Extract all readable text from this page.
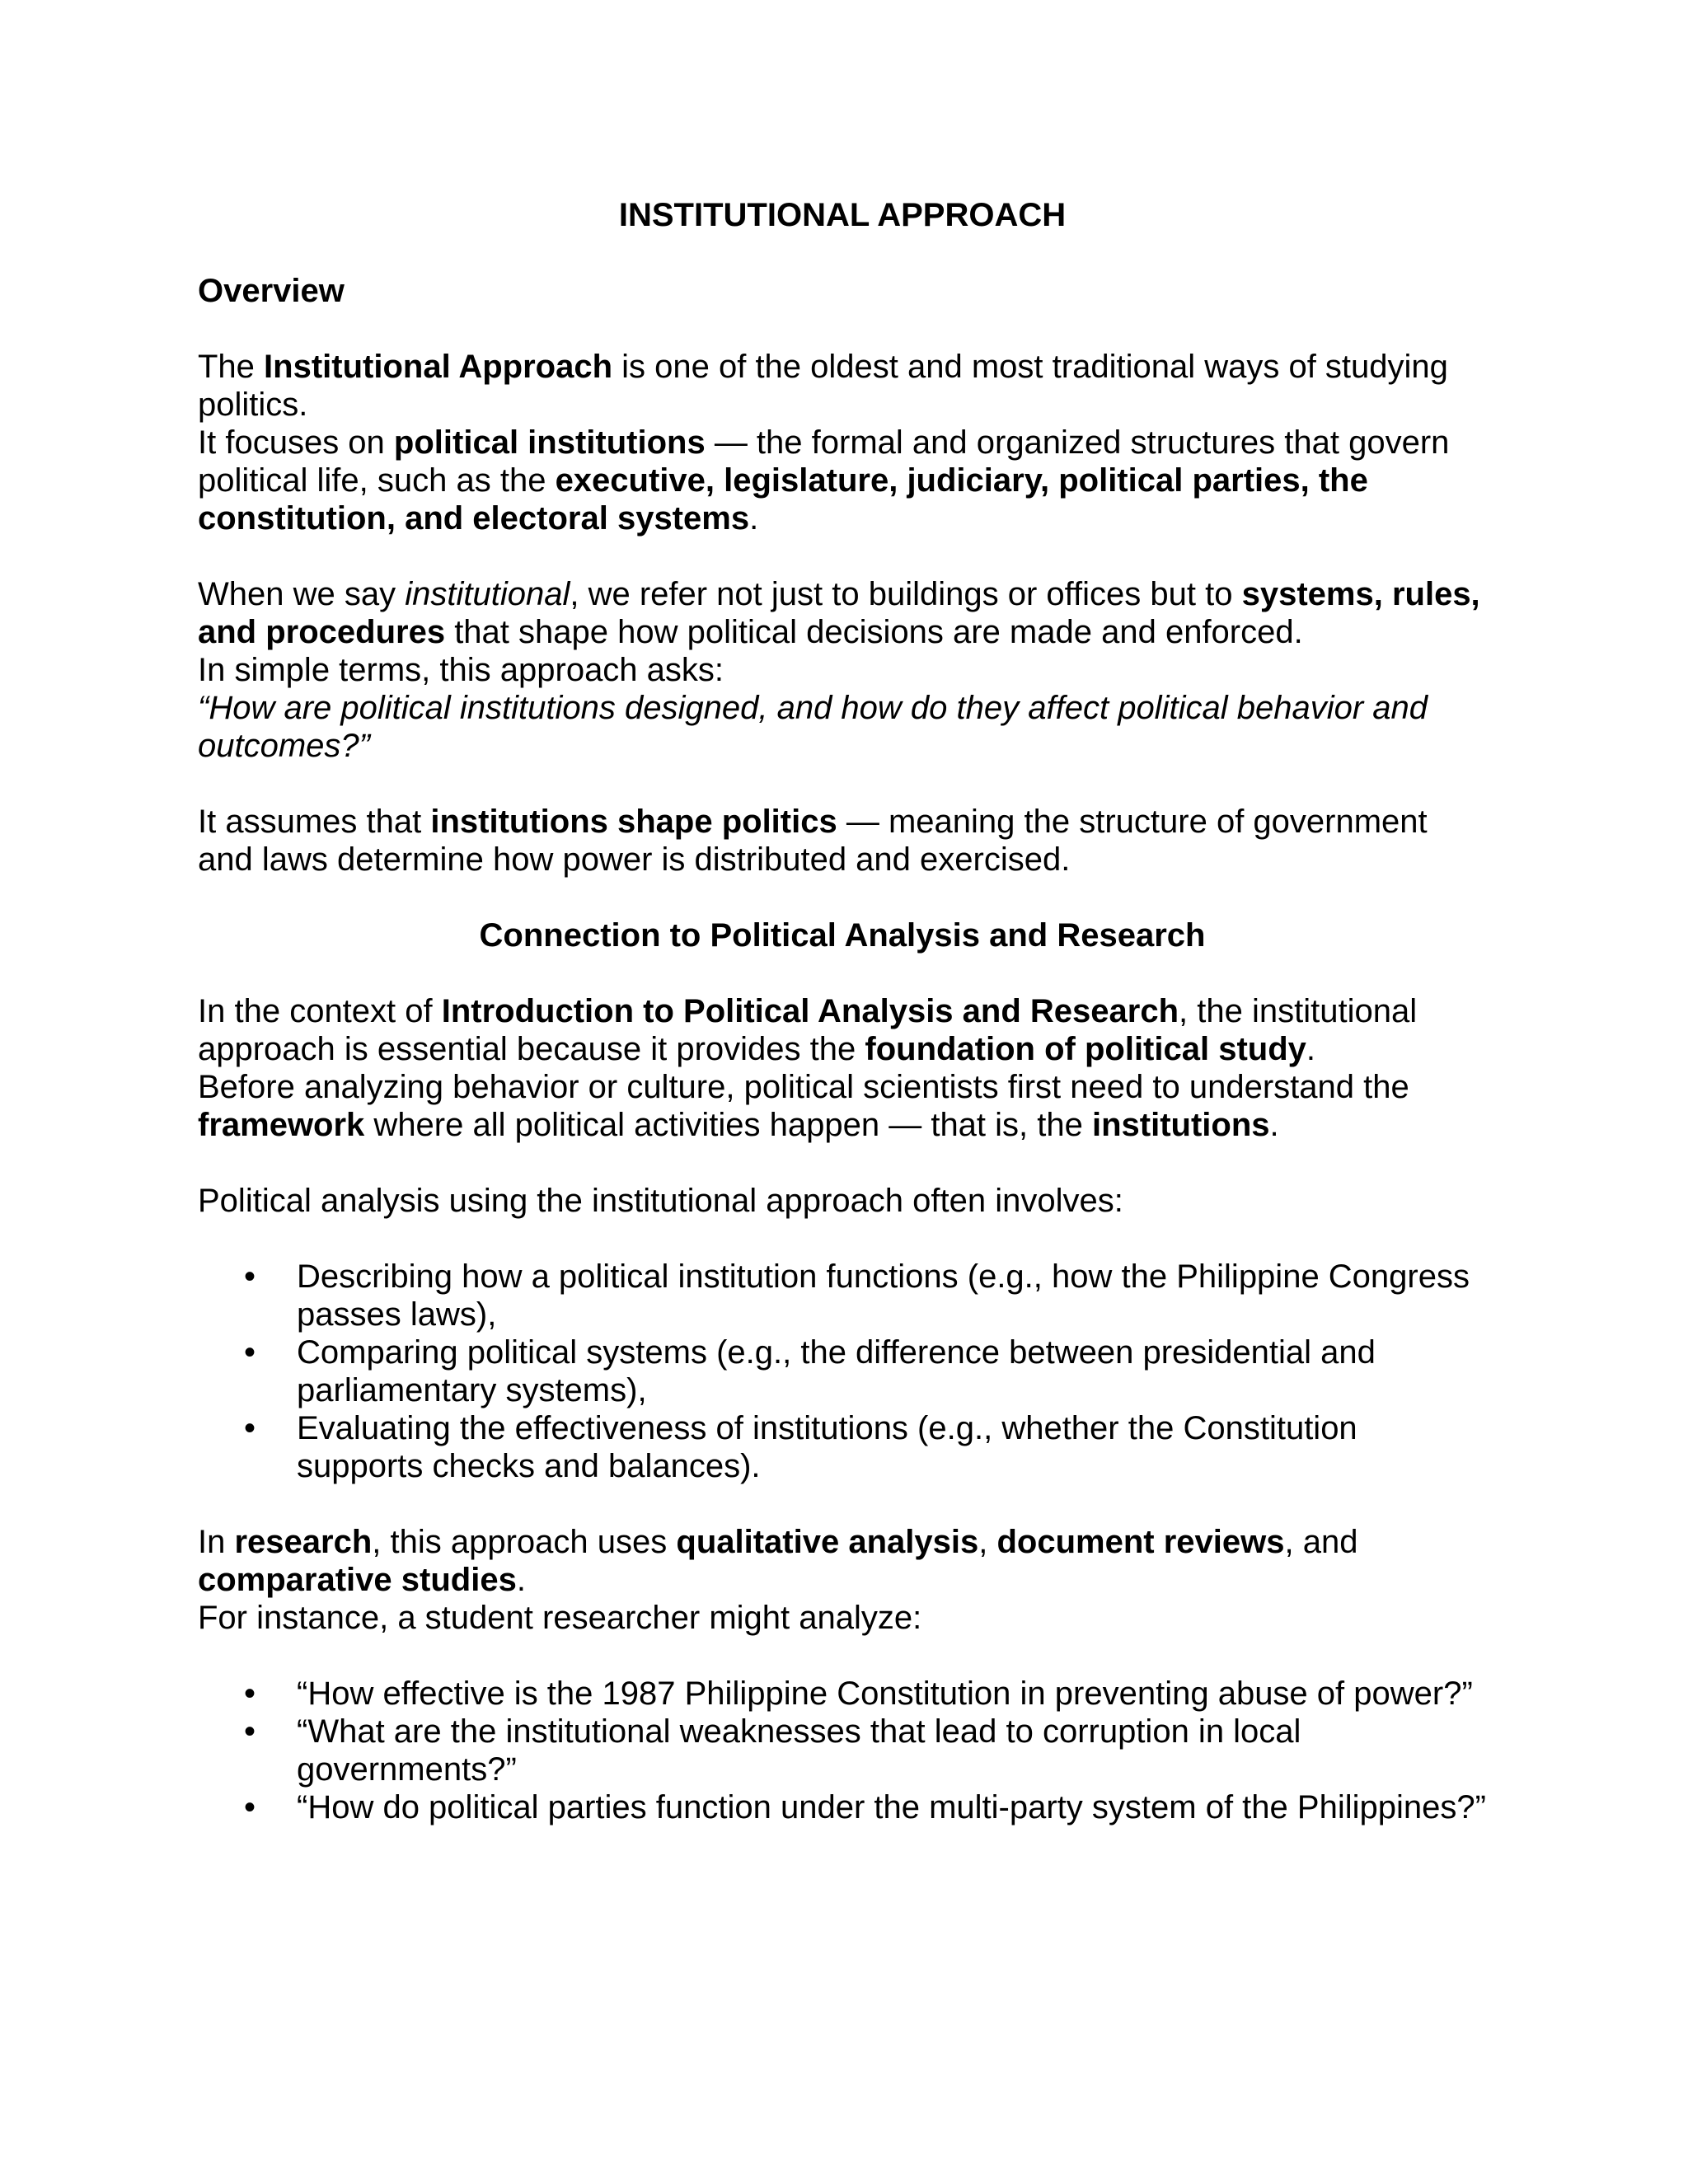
INSTITUTIONAL APPROACH
Overview

The Institutional Approach is one of the oldest and most traditional ways of studying politics.
It focuses on political institutions — the formal and organized structures that govern political life, such as the executive, legislature, judiciary, political parties, the constitution, and electoral systems.

When we say institutional, we refer not just to buildings or offices but to systems, rules, and procedures that shape how political decisions are made and enforced.
In simple terms, this approach asks:
“How are political institutions designed, and how do they affect political behavior and outcomes?”

It assumes that institutions shape politics — meaning the structure of government and laws determine how power is distributed and exercised.

Connection to Political Analysis and Research

In the context of Introduction to Political Analysis and Research, the institutional approach is essential because it provides the foundation of political study.
Before analyzing behavior or culture, political scientists first need to understand the framework where all political activities happen — that is, the institutions.

Political analysis using the institutional approach often involves:

• Describing how a political institution functions (e.g., how the Philippine Congress passes laws),
• Comparing political systems (e.g., the difference between presidential and parliamentary systems),
• Evaluating the effectiveness of institutions (e.g., whether the Constitution supports checks and balances).

In research, this approach uses qualitative analysis, document reviews, and comparative studies.
For instance, a student researcher might analyze:

• “How effective is the 1987 Philippine Constitution in preventing abuse of power?”
• “What are the institutional weaknesses that lead to corruption in local governments?”
• “How do political parties function under the multi-party system of the Philippines?”
